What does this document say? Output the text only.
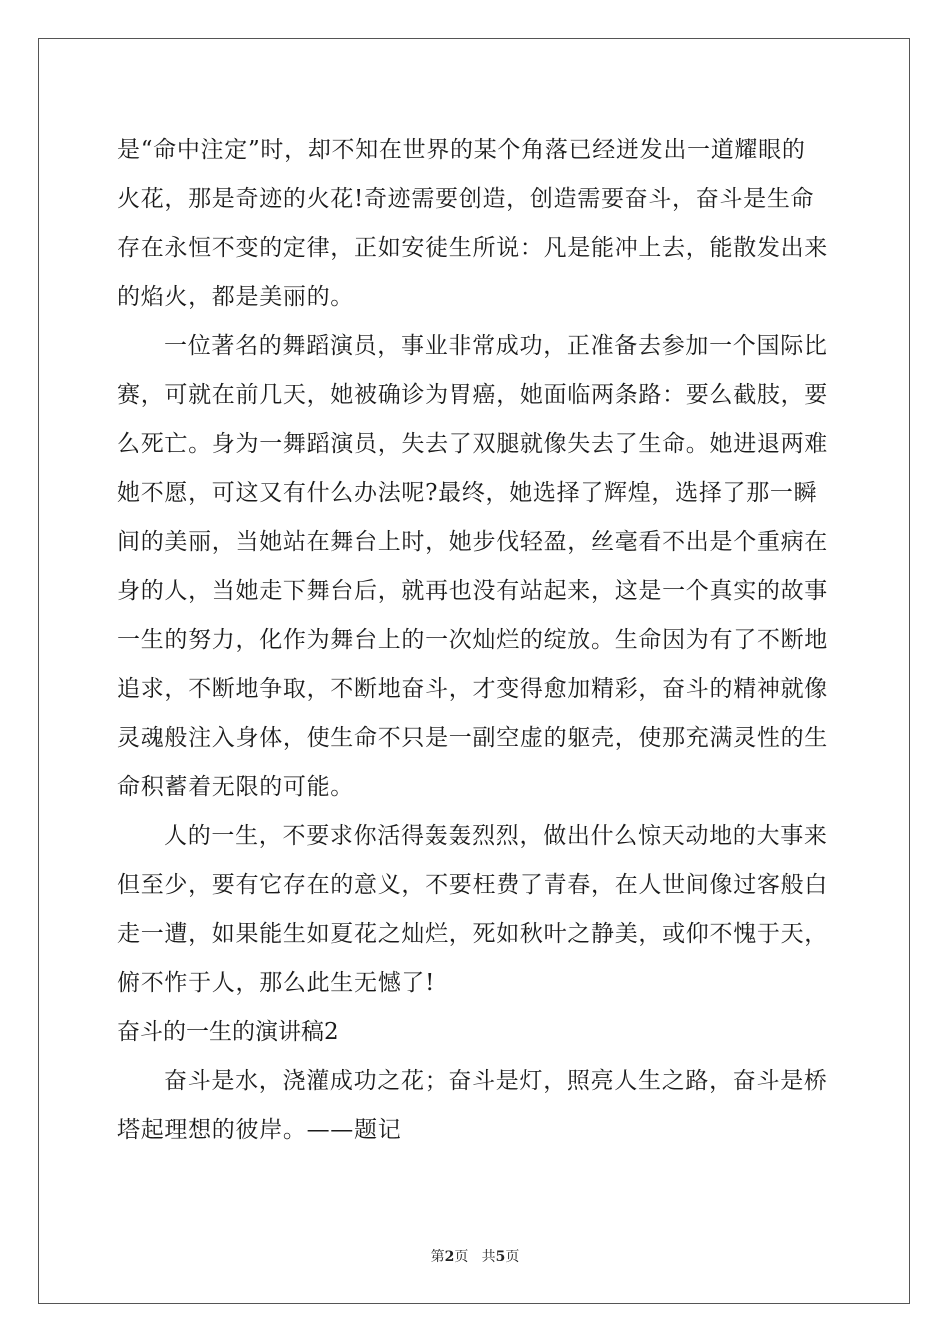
是“命中注定”时，却不知在世界的某个角落已经迸发出一道耀眼的
火花，那是奇迹的火花!奇迹需要创造，创造需要奋斗，奋斗是生命
存在永恒不变的定律，正如安徒生所说：凡是能冲上去，能散发出来
的焰火，都是美丽的。
一位著名的舞蹈演员，事业非常成功，正准备去参加一个国际比
赛，可就在前几天，她被确诊为胃癌，她面临两条路：要么截肢，要
么死亡。身为一舞蹈演员，失去了双腿就像失去了生命。她进退两难
她不愿，可这又有什么办法呢?最终，她选择了辉煌，选择了那一瞬
间的美丽，当她站在舞台上时，她步伐轻盈，丝毫看不出是个重病在
身的人，当她走下舞台后，就再也没有站起来，这是一个真实的故事
一生的努力，化作为舞台上的一次灿烂的绽放。生命因为有了不断地
追求，不断地争取，不断地奋斗，才变得愈加精彩，奋斗的精神就像
灵魂般注入身体，使生命不只是一副空虚的躯壳，使那充满灵性的生
命积蓄着无限的可能。
人的一生，不要求你活得轰轰烈烈，做出什么惊天动地的大事来
但至少，要有它存在的意义，不要枉费了青春，在人世间像过客般白
走一遭，如果能生如夏花之灿烂，死如秋叶之静美，或仰不愧于天，
俯不怍于人，那么此生无憾了!
奋斗的一生的演讲稿2
奋斗是水，浇灌成功之花；奋斗是灯，照亮人生之路，奋斗是桥
塔起理想的彼岸。——题记
第2页 共5页
